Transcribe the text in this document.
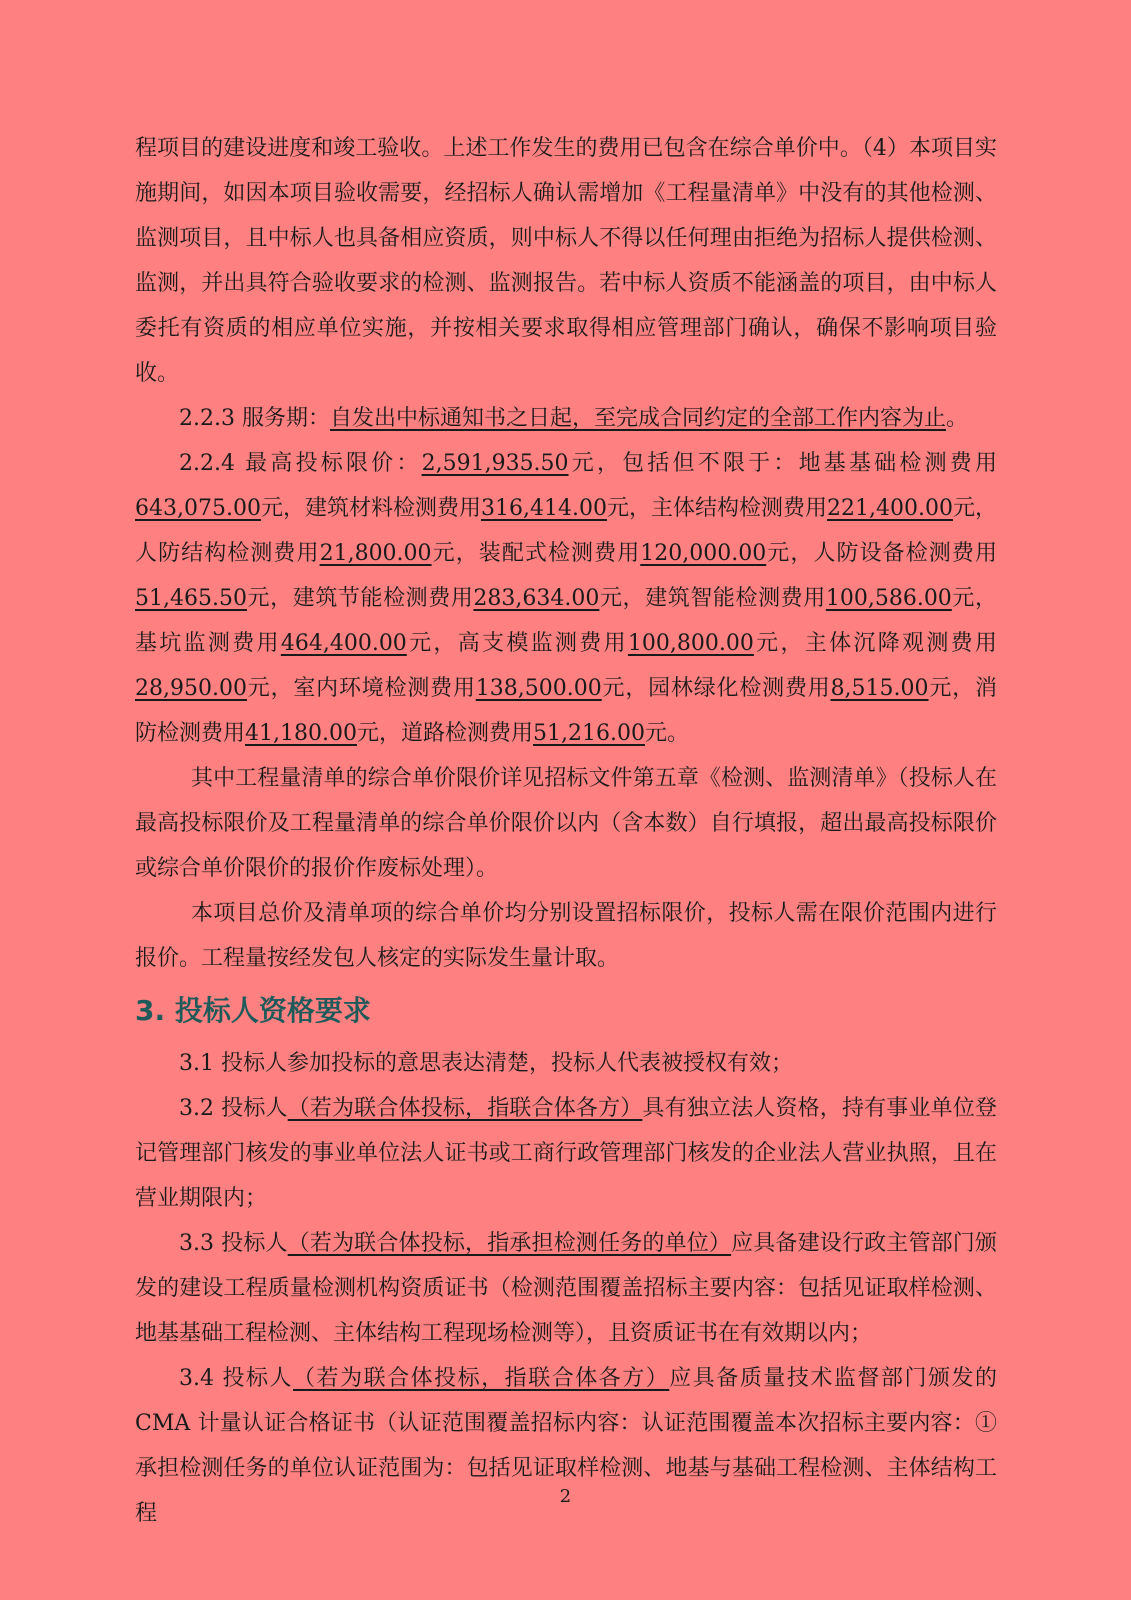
程项目的建设进度和竣工验收。上述工作发生的费用已包含在综合单价中。（4）本项目实施期间，如因本项目验收需要，经招标人确认需增加《工程量清单》中没有的其他检测、监测项目，且中标人也具备相应资质，则中标人不得以任何理由拒绝为招标人提供检测、监测，并出具符合验收要求的检测、监测报告。若中标人资质不能涵盖的项目，由中标人委托有资质的相应单位实施，并按相关要求取得相应管理部门确认，确保不影响项目验收。

2.2.3 服务期：自发出中标通知书之日起，至完成合同约定的全部工作内容为止。

2.2.4 最高投标限价：2,591,935.50元，包括但不限于：地基基础检测费用643,075.00元，建筑材料检测费用316,414.00元，主体结构检测费用221,400.00元，人防结构检测费用21,800.00元，装配式检测费用120,000.00元，人防设备检测费用51,465.50元，建筑节能检测费用283,634.00元，建筑智能检测费用100,586.00元，基坑监测费用464,400.00元，高支模监测费用100,800.00元，主体沉降观测费用28,950.00元，室内环境检测费用138,500.00元，园林绿化检测费用8,515.00元，消防检测费用41,180.00元，道路检测费用51,216.00元。

其中工程量清单的综合单价限价详见招标文件第五章《检测、监测清单》（投标人在最高投标限价及工程量清单的综合单价限价以内（含本数）自行填报，超出最高投标限价或综合单价限价的报价作废标处理）。

本项目总价及清单项的综合单价均分别设置招标限价，投标人需在限价范围内进行报价。工程量按经发包人核定的实际发生量计取。

3. 投标人资格要求

3.1 投标人参加投标的意思表达清楚，投标人代表被授权有效；

3.2 投标人（若为联合体投标，指联合体各方）具有独立法人资格，持有事业单位登记管理部门核发的事业单位法人证书或工商行政管理部门核发的企业法人营业执照，且在营业期限内；

3.3 投标人（若为联合体投标，指承担检测任务的单位）应具备建设行政主管部门颁发的建设工程质量检测机构资质证书（检测范围覆盖招标主要内容：包括见证取样检测、地基基础工程检测、主体结构工程现场检测等），且资质证书在有效期以内；

3.4 投标人（若为联合体投标，指联合体各方）应具备质量技术监督部门颁发的 CMA 计量认证合格证书（认证范围覆盖招标内容：认证范围覆盖本次招标主要内容：①承担检测任务的单位认证范围为：包括见证取样检测、地基与基础工程检测、主体结构工程

2
